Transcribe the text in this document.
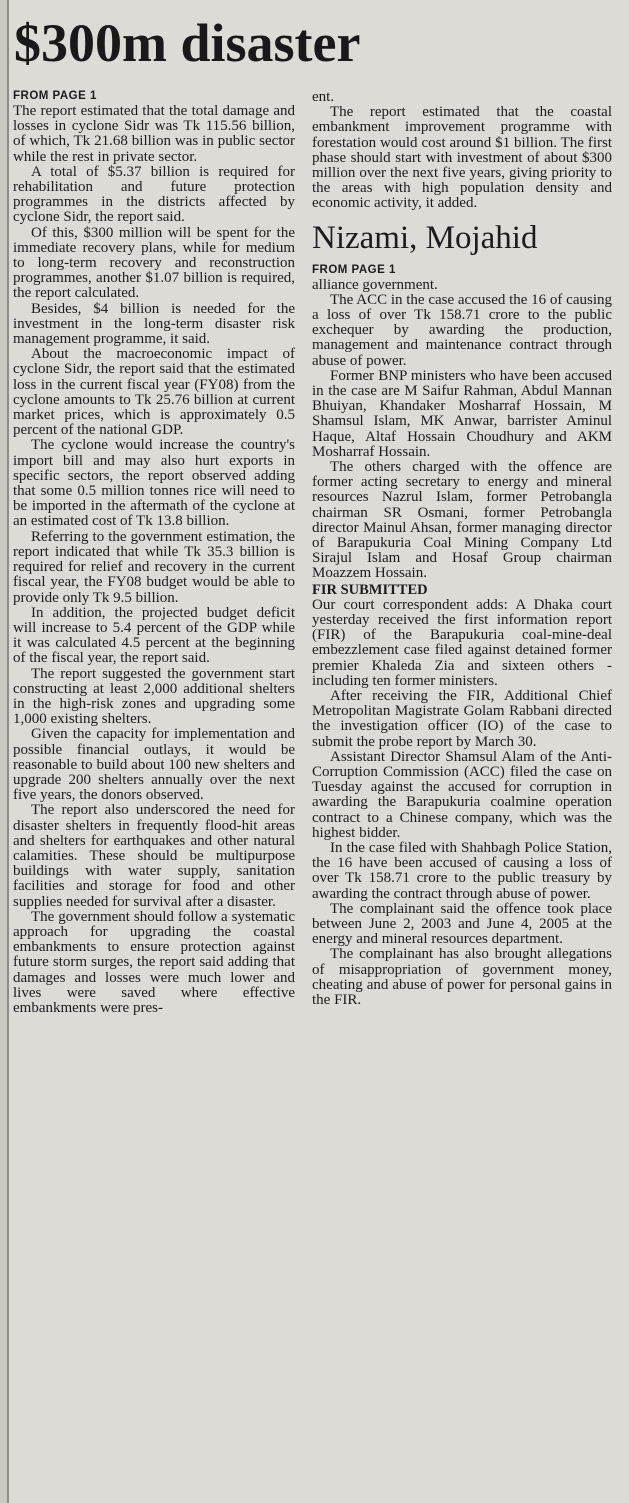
$300m disaster

FROM PAGE 1

The report estimated that the total damage and losses in cyclone Sidr was Tk 115.56 billion, of which, Tk 21.68 billion was in public sector while the rest in private sector.

A total of $5.37 billion is required for rehabilitation and future protection programmes in the districts affected by cyclone Sidr, the report said.

Of this, $300 million will be spent for the immediate recovery plans, while for medium to long-term recovery and reconstruction programmes, another $1.07 billion is required, the report calculated.

Besides, $4 billion is needed for the investment in the long-term disaster risk management programme, it said.

About the macroeconomic impact of cyclone Sidr, the report said that the estimated loss in the current fiscal year (FY08) from the cyclone amounts to Tk 25.76 billion at current market prices, which is approximately 0.5 percent of the national GDP.

The cyclone would increase the country's import bill and may also hurt exports in specific sectors, the report observed adding that some 0.5 million tonnes rice will need to be imported in the aftermath of the cyclone at an estimated cost of Tk 13.8 billion.

Referring to the government estimation, the report indicated that while Tk 35.3 billion is required for relief and recovery in the current fiscal year, the FY08 budget would be able to provide only Tk 9.5 billion.

In addition, the projected budget deficit will increase to 5.4 percent of the GDP while it was calculated 4.5 percent at the beginning of the fiscal year, the report said.

The report suggested the government start constructing at least 2,000 additional shelters in the high-risk zones and upgrading some 1,000 existing shelters.

Given the capacity for implementation and possible financial outlays, it would be reasonable to build about 100 new shelters and upgrade 200 shelters annually over the next five years, the donors observed.

The report also underscored the need for disaster shelters in frequently flood-hit areas and shelters for earthquakes and other natural calamities. These should be multipurpose buildings with water supply, sanitation facilities and storage for food and other supplies needed for survival after a disaster.

The government should follow a systematic approach for upgrading the coastal embankments to ensure protection against future storm surges, the report said adding that damages and losses were much lower and lives were saved where effective embankments were pres-

ent.

The report estimated that the coastal embankment improvement programme with forestation would cost around $1 billion. The first phase should start with investment of about $300 million over the next five years, giving priority to the areas with high population density and economic activity, it added.

Nizami, Mojahid

FROM PAGE 1

alliance government.

The ACC in the case accused the 16 of causing a loss of over Tk 158.71 crore to the public exchequer by awarding the production, management and maintenance contract through abuse of power.

Former BNP ministers who have been accused in the case are M Saifur Rahman, Abdul Mannan Bhuiyan, Khandaker Mosharraf Hossain, M Shamsul Islam, MK Anwar, barrister Aminul Haque, Altaf Hossain Choudhury and AKM Mosharraf Hossain.

The others charged with the offence are former acting secretary to energy and mineral resources Nazrul Islam, former Petrobangla chairman SR Osmani, former Petrobangla director Mainul Ahsan, former managing director of Barapukuria Coal Mining Company Ltd Sirajul Islam and Hosaf Group chairman Moazzem Hossain.

FIR SUBMITTED

Our court correspondent adds: A Dhaka court yesterday received the first information report (FIR) of the Barapukuria coal-mine-deal embezzlement case filed against detained former premier Khaleda Zia and sixteen others - including ten former ministers.

After receiving the FIR, Additional Chief Metropolitan Magistrate Golam Rabbani directed the investigation officer (IO) of the case to submit the probe report by March 30.

Assistant Director Shamsul Alam of the Anti-Corruption Commission (ACC) filed the case on Tuesday against the accused for corruption in awarding the Barapukuria coalmine operation contract to a Chinese company, which was the highest bidder.

In the case filed with Shahbagh Police Station, the 16 have been accused of causing a loss of over Tk 158.71 crore to the public treasury by awarding the contract through abuse of power.

The complainant said the offence took place between June 2, 2003 and June 4, 2005 at the energy and mineral resources department.

The complainant has also brought allegations of misappropriation of government money, cheating and abuse of power for personal gains in the FIR.
